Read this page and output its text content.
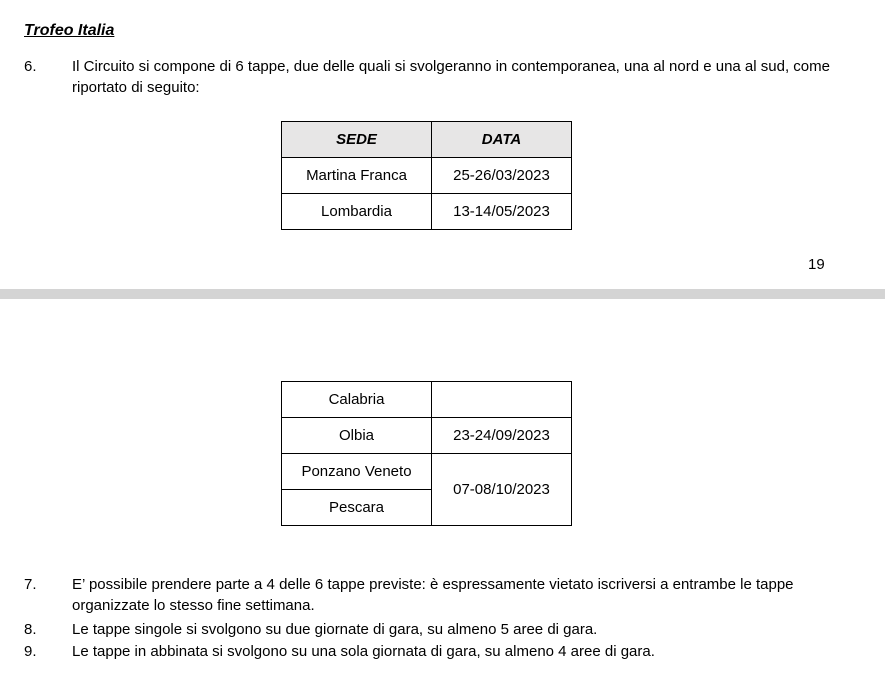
Trofeo Italia
6. Il Circuito si compone di 6 tappe, due delle quali si svolgeranno in contemporanea, una al nord e una al sud, come riportato di seguito:
SEDE	DATA
Martina Franca	25-26/03/2023
Lombardia	13-14/05/2023
19
Calabria	
Olbia	23-24/09/2023
Ponzano Veneto	07-08/10/2023
Pescara	
7. E’ possibile prendere parte a 4 delle 6 tappe previste: è espressamente vietato iscriversi a entrambe le tappe organizzate lo stesso fine settimana.
8. Le tappe singole si svolgono su due giornate di gara, su almeno 5 aree di gara.
9. Le tappe in abbinata si svolgono su una sola giornata di gara, su almeno 4 aree di gara.
